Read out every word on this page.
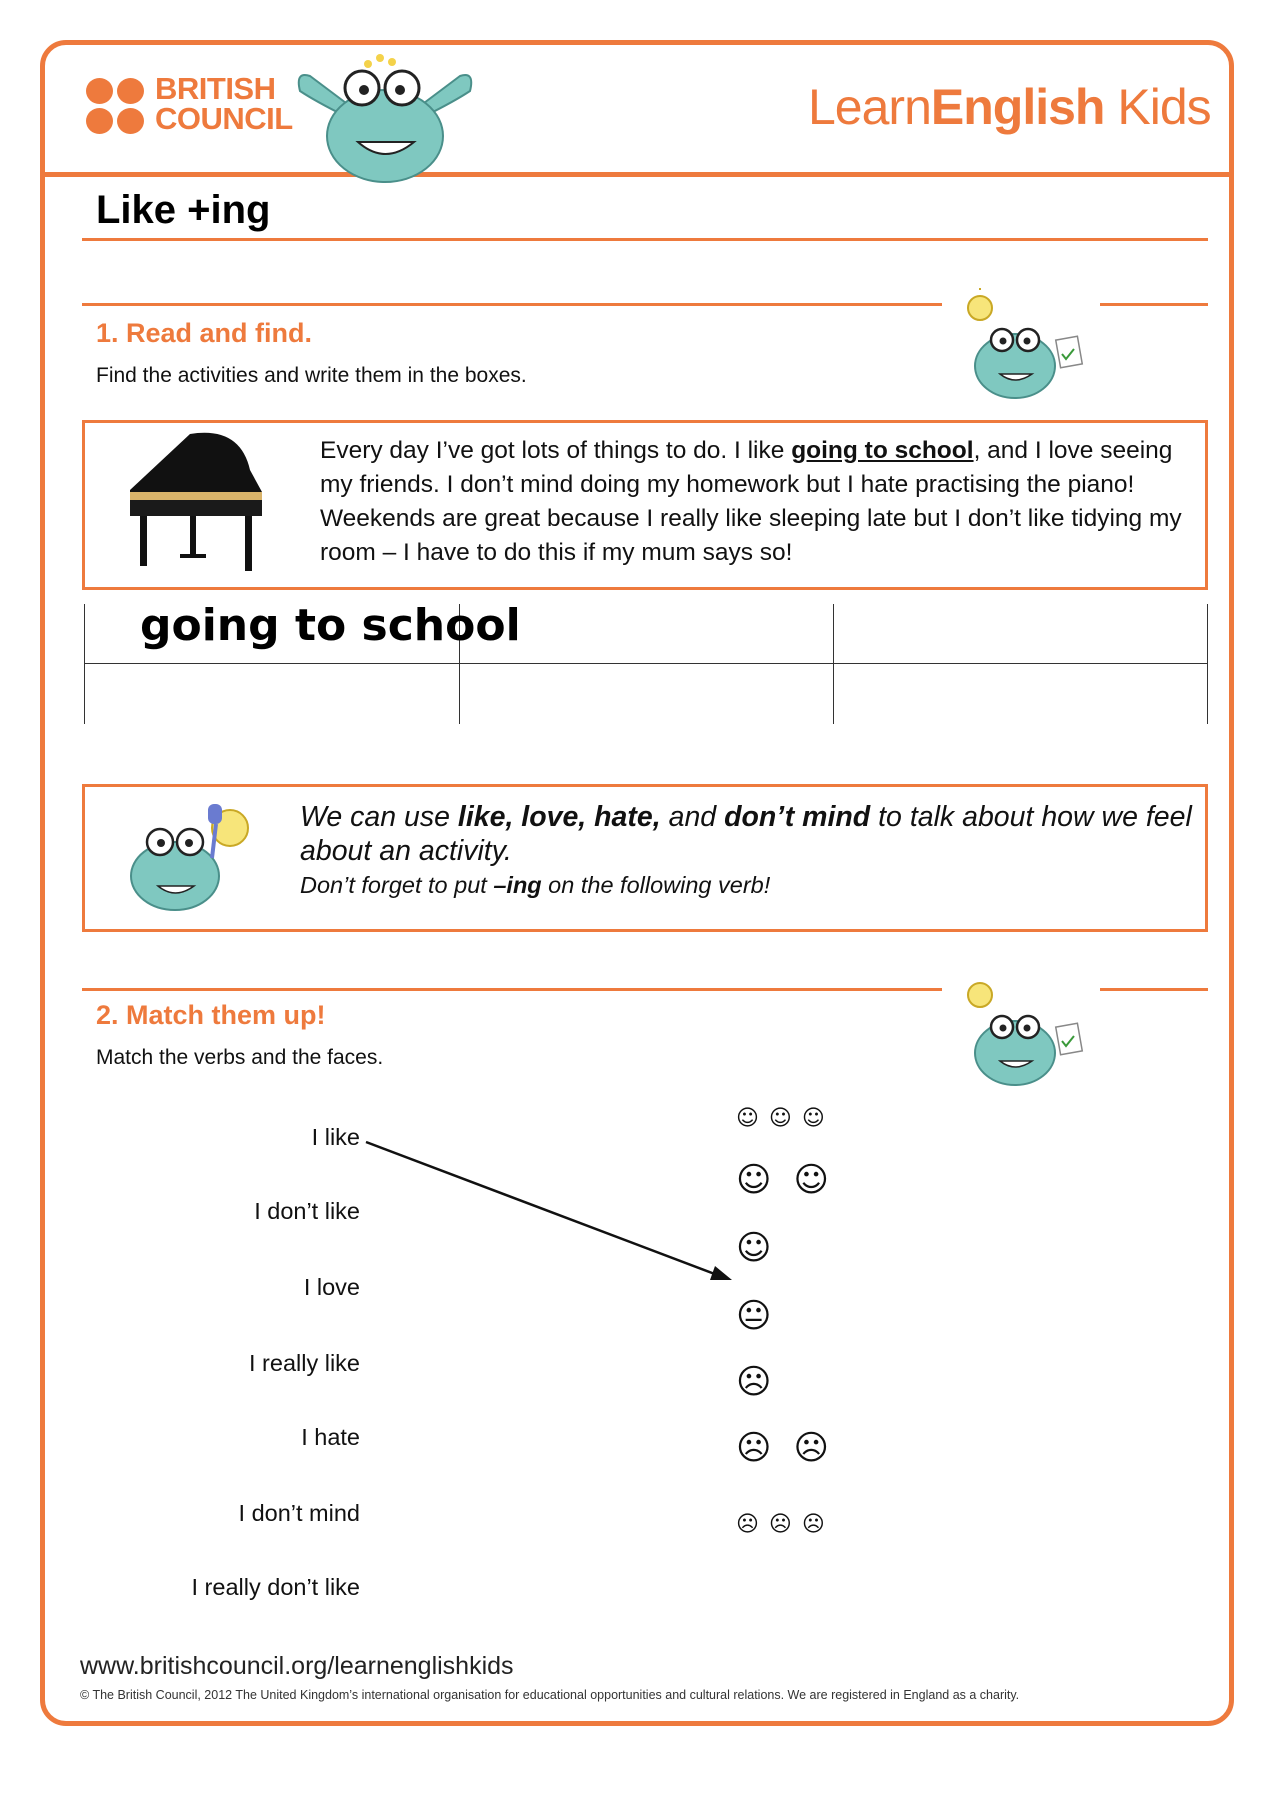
BRITISH
COUNCIL	LearnEnglish Kids
Like +ing
1. Read and find.
Find the activities and write them in the boxes.
Every day I’ve got lots of things to do. I like going to school, and I love seeing my friends. I don’t mind doing my homework but I hate practising the piano! Weekends are great because I really like sleeping late but I don’t like tidying my room – I have to do this if my mum says so!
going to school
We can use like, love, hate, and don’t mind to talk about how we feel about an activity.
Don’t forget to put –ing on the following verb!
2. Match them up!
Match the verbs and the faces.
I like
I don’t like
I love
I really like
I hate
I don’t mind
I really don’t like
☺☺☺
☺☺
☺
😐
☹
☹☹
☹☹☹
www.britishcouncil.org/learnenglishkids
© The British Council, 2012 The United Kingdom’s international organisation for educational opportunities and cultural relations. We are registered in England as a charity.
